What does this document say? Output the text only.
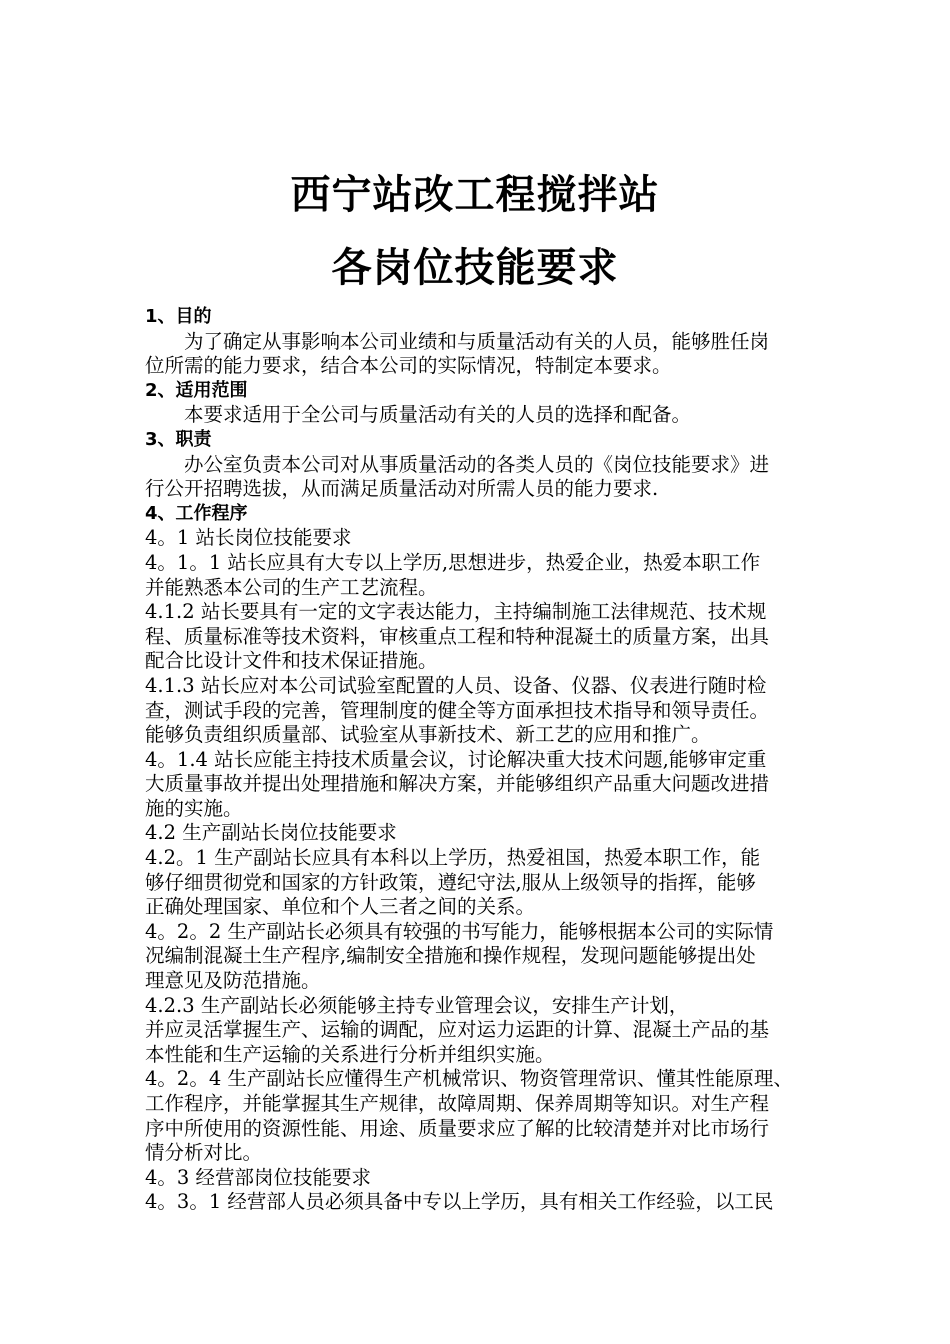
西宁站改工程搅拌站
各岗位技能要求

1、目的

为了确定从事影响本公司业绩和与质量活动有关的人员，能够胜任岗

位所需的能力要求，结合本公司的实际情况，特制定本要求。

2、适用范围

本要求适用于全公司与质量活动有关的人员的选择和配备。

3、职责

办公室负责本公司对从事质量活动的各类人员的《岗位技能要求》进

行公开招聘选拔，从而满足质量活动对所需人员的能力要求.

4、工作程序

4。1 站长岗位技能要求

4。1。1 站长应具有大专以上学历,思想进步，热爱企业，热爱本职工作

并能熟悉本公司的生产工艺流程。

4.1.2 站长要具有一定的文字表达能力，主持编制施工法律规范、技术规

程、质量标准等技术资料，审核重点工程和特种混凝土的质量方案，出具

配合比设计文件和技术保证措施。

4.1.3 站长应对本公司试验室配置的人员、设备、仪器、仪表进行随时检

查，测试手段的完善，管理制度的健全等方面承担技术指导和领导责任。

能够负责组织质量部、试验室从事新技术、新工艺的应用和推广。

4。1.4 站长应能主持技术质量会议，讨论解决重大技术问题,能够审定重

大质量事故并提出处理措施和解决方案，并能够组织产品重大问题改进措

施的实施。

4.2 生产副站长岗位技能要求

4.2。1 生产副站长应具有本科以上学历，热爱祖国，热爱本职工作，能

够仔细贯彻党和国家的方针政策，遵纪守法,服从上级领导的指挥，能够

正确处理国家、单位和个人三者之间的关系。

4。2。2 生产副站长必须具有较强的书写能力，能够根据本公司的实际情

况编制混凝土生产程序,编制安全措施和操作规程，发现问题能够提出处

理意见及防范措施。

4.2.3 生产副站长必须能够主持专业管理会议，安排生产计划，

并应灵活掌握生产、运输的调配，应对运力运距的计算、混凝土产品的基

本性能和生产运输的关系进行分析并组织实施。

4。2。4 生产副站长应懂得生产机械常识、物资管理常识、懂其性能原理、

工作程序，并能掌握其生产规律，故障周期、保养周期等知识。对生产程

序中所使用的资源性能、用途、质量要求应了解的比较清楚并对比市场行

情分析对比。

4。3 经营部岗位技能要求

4。3。1 经营部人员必须具备中专以上学历，具有相关工作经验，以工民
